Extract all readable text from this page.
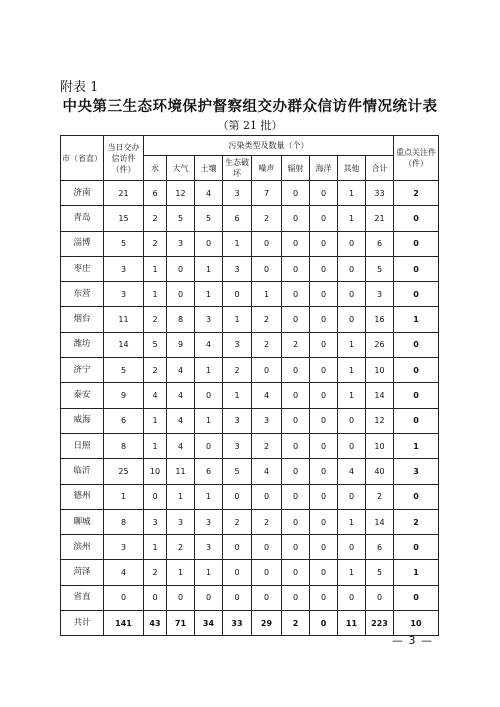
附表 1
中央第三生态环境保护督察组交办群众信访件情况统计表
（第 21 批）
市（省直）	当日交办信访件（件）	污染类型及数量（个）									重点关注件（件）
		水	大气	土壤	生态破坏	噪声	辐射	海洋	其他	合计	
济南	21	6	12	4	3	7	0	0	1	33	2
青岛	15	2	5	5	6	2	0	0	1	21	0
淄博	5	2	3	0	1	0	0	0	0	6	0
枣庄	3	1	0	1	3	0	0	0	0	5	0
东营	3	1	0	1	0	1	0	0	0	3	0
烟台	11	2	8	3	1	2	0	0	0	16	1
潍坊	14	5	9	4	3	2	2	0	1	26	0
济宁	5	2	4	1	2	0	0	0	1	10	0
泰安	9	4	4	0	1	4	0	0	1	14	0
威海	6	1	4	1	3	3	0	0	0	12	0
日照	8	1	4	0	3	2	0	0	0	10	1
临沂	25	10	11	6	5	4	0	0	4	40	3
德州	1	0	1	1	0	0	0	0	0	2	0
聊城	8	3	3	3	2	2	0	0	1	14	2
滨州	3	1	2	3	0	0	0	0	0	6	0
菏泽	4	2	1	1	0	0	0	0	1	5	1
省直	0	0	0	0	0	0	0	0	0	0	0
共计	141	43	71	34	33	29	2	0	11	223	10
— 3 —
